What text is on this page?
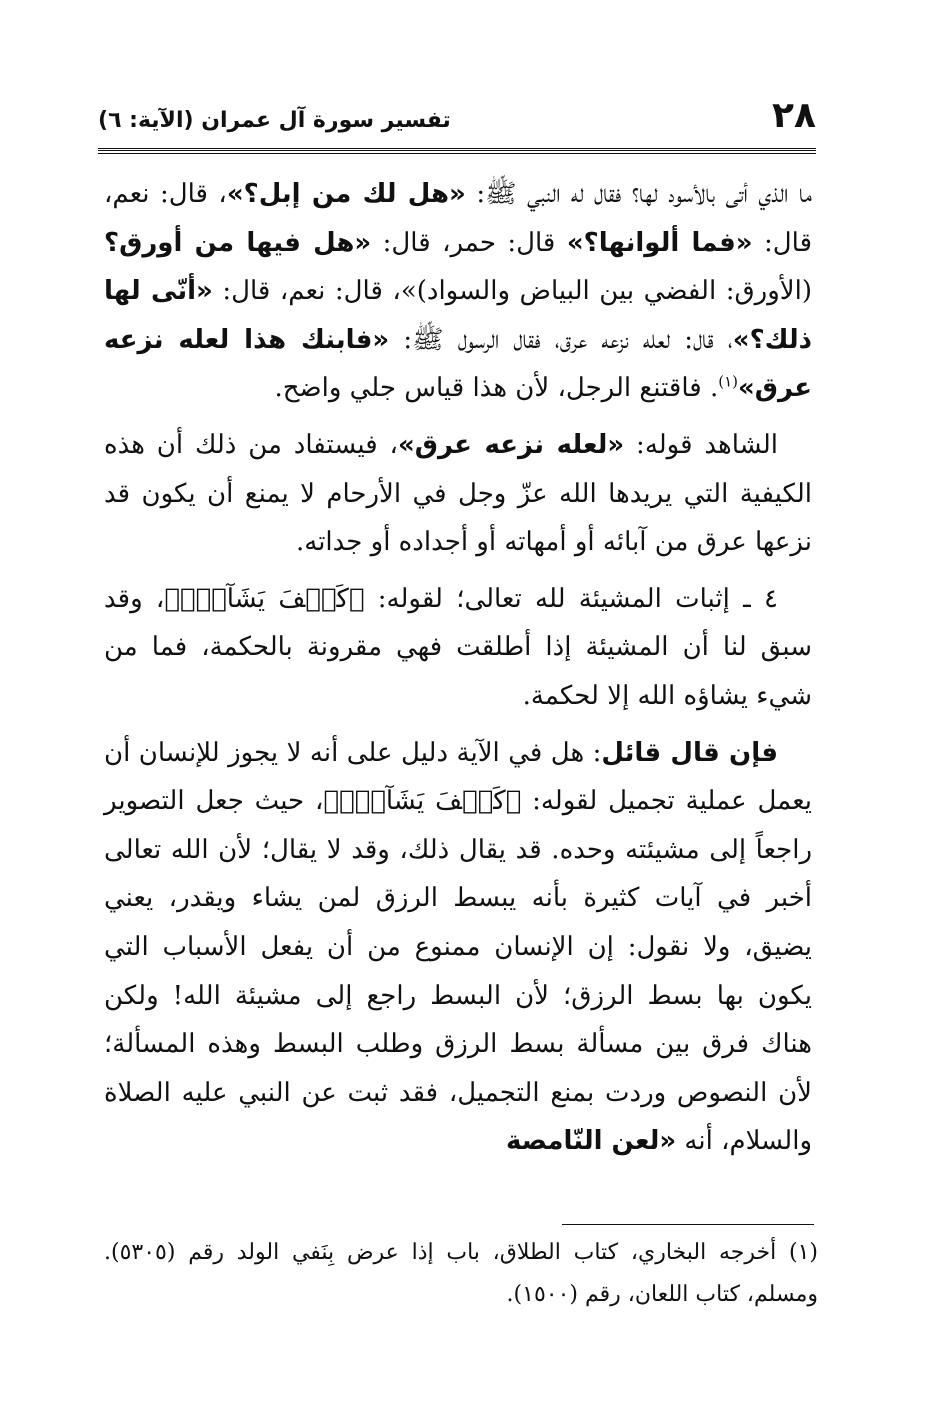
٢٨
تفسير سورة آل عمران (الآية: ٦)

ما الذي أتى بالأسود لها؟ فقال له النبي ﷺ: «هل لك من إبل؟»، قال: نعم، قال: «فما ألوانها؟» قال: حمر، قال: «هل فيها من أورق؟ (الأورق: الفضي بين البياض والسواد)»، قال: نعم، قال: «أنّى لها ذلك؟»، قال: لعله نزعه عرق، فقال الرسول ﷺ: «فابنك هذا لعله نزعه عرق»$^{(١)}$. فاقتنع الرجل، لأن هذا قياس جلي واضح.

الشاهد قوله: «لعله نزعه عرق»، فيستفاد من ذلك أن هذه الكيفية التي يريدها الله عزّ وجل في الأرحام لا يمنع أن يكون قد نزعها عرق من آبائه أو أمهاته أو أجداده أو جداته.

٤ ـ إثبات المشيئة لله تعالى؛ لقوله: ﴿كَيۡفَ يَشَآءُۚ﴾، وقد سبق لنا أن المشيئة إذا أطلقت فهي مقرونة بالحكمة، فما من شيء يشاؤه الله إلا لحكمة.

فإن قال قائل: هل في الآية دليل على أنه لا يجوز للإنسان أن يعمل عملية تجميل لقوله: ﴿كَيۡفَ يَشَآءُۚ﴾، حيث جعل التصوير راجعاً إلى مشيئته وحده. قد يقال ذلك، وقد لا يقال؛ لأن الله تعالى أخبر في آيات كثيرة بأنه يبسط الرزق لمن يشاء ويقدر، يعني يضيق، ولا نقول: إن الإنسان ممنوع من أن يفعل الأسباب التي يكون بها بسط الرزق؛ لأن البسط راجع إلى مشيئة الله! ولكن هناك فرق بين مسألة بسط الرزق وطلب البسط وهذه المسألة؛ لأن النصوص وردت بمنع التجميل، فقد ثبت عن النبي عليه الصلاة والسلام، أنه «لعن النّامصة

(١) أخرجه البخاري، كتاب الطلاق، باب إذا عرض بِنَفي الولد رقم (٥٣٠٥). ومسلم، كتاب اللعان، رقم (١٥٠٠).
